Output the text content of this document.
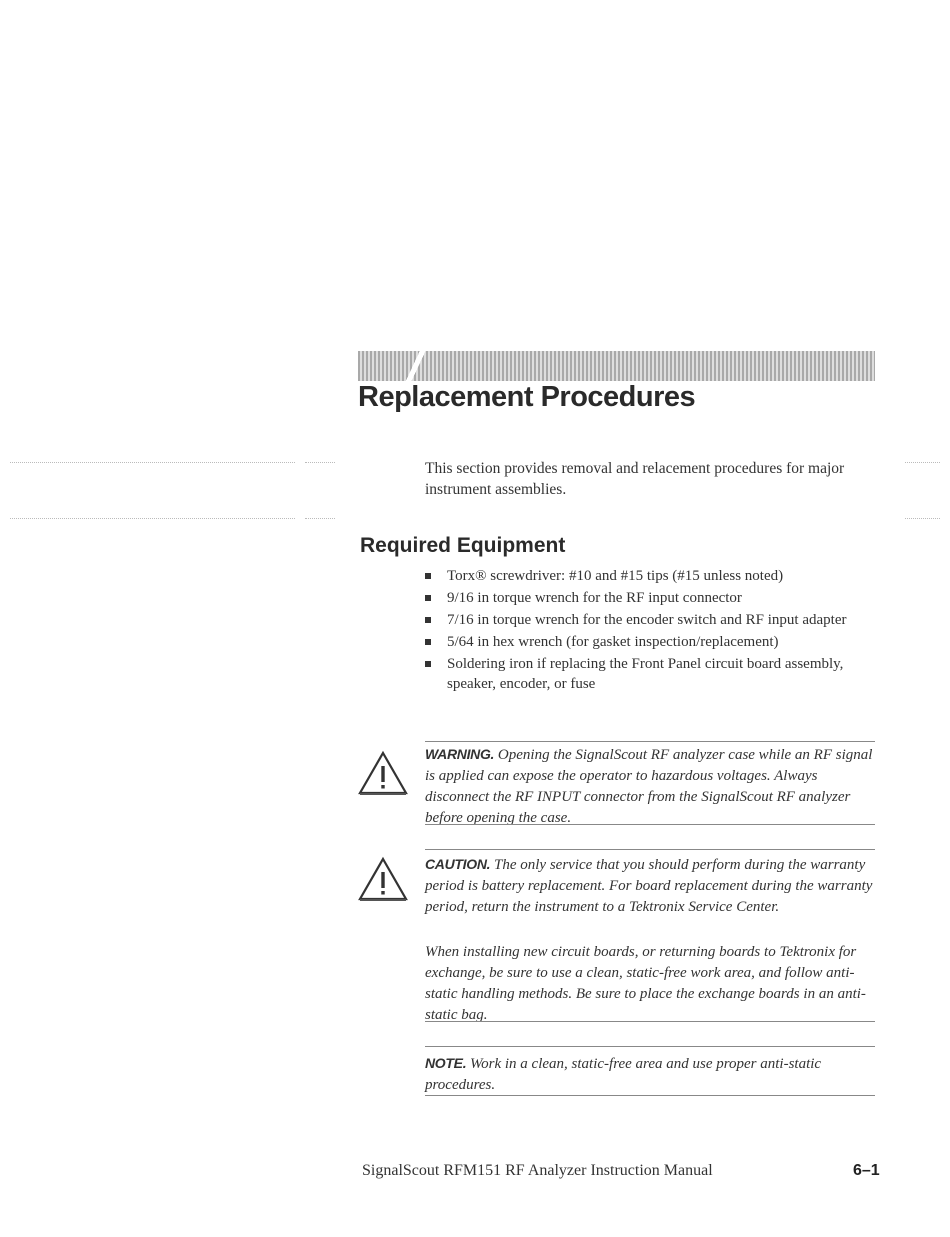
Replacement Procedures
This section provides removal and relacement procedures for major instrument assemblies.
Required Equipment
Torx® screwdriver: #10 and #15 tips (#15 unless noted)
9/16 in torque wrench for the RF input connector
7/16 in torque wrench for the encoder switch and RF input adapter
5/64 in hex wrench (for gasket inspection/replacement)
Soldering iron if replacing the Front Panel circuit board assembly, speaker, encoder, or fuse
WARNING. Opening the SignalScout RF analyzer case while an RF signal is applied can expose the operator to hazardous voltages. Always disconnect the RF INPUT connector from the SignalScout RF analyzer before opening the case.
CAUTION. The only service that you should perform during the warranty period is battery replacement. For board replacement during the warranty period, return the instrument to a Tektronix Service Center.
When installing new circuit boards, or returning boards to Tektronix for exchange, be sure to use a clean, static-free work area, and follow anti-static handling methods. Be sure to place the exchange boards in an anti-static bag.
NOTE. Work in a clean, static-free area and use proper anti-static procedures.
SignalScout RFM151 RF Analyzer Instruction Manual	6–1
